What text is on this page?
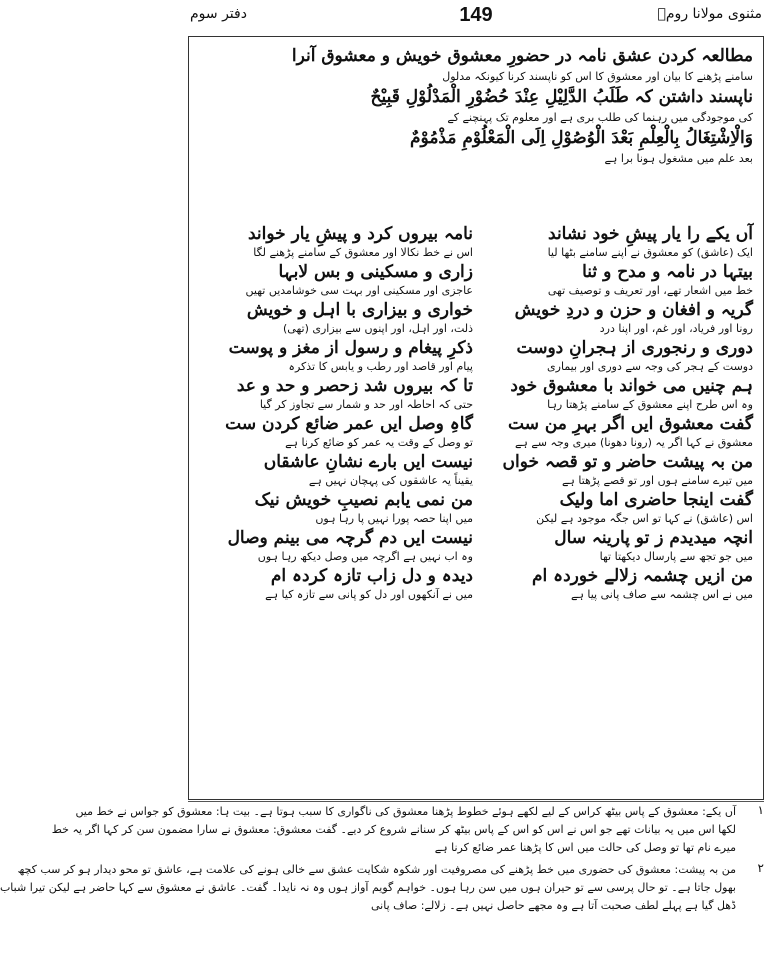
مثنوی مولانا رومؒ
149
دفتر سوم
مطالعہ کردن عشق نامہ در حضورِ معشوق خویش و معشوق آنرا
سامنے پڑھنے کا بیان اور معشوق کا اس کو ناپسند کرنا کیونکہ مدلول
ناپسند داشتن کہ طَلَبُ الدَّلِیْلِ عِنْدَ حُضُوْرِ الْمَدْلُوْلِ قَبِیْحٌ
کی موجودگی میں رہنما کی طلب بری ہے اور معلوم تک پہنچنے کے
وَالْاِشْتِغَالُ بِالْعِلْمِ بَعْدَ الْوُصُوْلِ اِلَی الْمَعْلُوْمِ مَذْمُوْمٌ
بعد علم میں مشغول ہونا برا ہے
آں یکے را یار پیشِ خود نشاند
ایک (عاشق) کو معشوق نے اپنے سامنے بٹھا لیا
بیتہا در نامہ و مدح و ثنا
خط میں اشعار تھے، اور تعریف و توصیف تھی
گریہ و افغان و حزن و دردِ خویش
رونا اور فریاد، اور غم، اور اپنا درد
دوری و رنجوری از ہجرانِ دوست
دوست کے ہجر کی وجہ سے دوری اور بیماری
ہم چنیں می خواند با معشوق خود
وہ اس طرح اپنے معشوق کے سامنے پڑھتا رہا
گفت معشوق ایں اگر بہرِ من ست
معشوق نے کہا اگر یہ (رونا دھونا) میری وجہ سے ہے
من بہ پیشت حاضر و تو قصہ خواں
میں تیرے سامنے ہوں اور تو قصے پڑھتا ہے
گفت اینجا حاضری اما ولیک
اس (عاشق) نے کہا تو اس جگہ موجود ہے لیکن
انچہ میدیدم ز تو پارینہ سال
میں جو تجھ سے پارسال دیکھتا تھا
من ازیں چشمہ زلالے خوردہ ام
میں نے اس چشمہ سے صاف پانی پیا ہے
نامہ بیروں کرد و پیشِ یار خواند
اس نے خط نکالا اور معشوق کے سامنے پڑھنے لگا
زاری و مسکینی و بس لابہا
عاجزی اور مسکینی اور بہت سی خوشامدیں تھیں
خواری و بیزاری با اہل و خویش
ذلت، اور اہل، اور اپنوں سے بیزاری (تھی)
ذکرِ پیغام و رسول از مغز و پوست
پیام اور قاصد اور رطب و یابس کا تذکرہ
تا کہ بیروں شد زحصر و حد و عد
حتی کہ احاطہ اور حد و شمار سے تجاوز کر گیا
گاہِ وصل ایں عمر ضائع کردن ست
تو وصل کے وقت یہ عمر کو ضائع کرنا ہے
نیست ایں بارے نشانِ عاشقاں
یقیناً یہ عاشقوں کی پہچان نہیں ہے
من نمی یابم نصیبِ خویش نیک
میں اپنا حصہ پورا نہیں پا رہا ہوں
نیست ایں دم گرچہ می بینم وصال
وہ اب نہیں ہے اگرچہ میں وصل دیکھ رہا ہوں
دیدہ و دل زاب تازہ کردہ ام
میں نے آنکھوں اور دل کو پانی سے تازہ کیا ہے
۱
آں یکے: معشوق کے پاس بیٹھ کراس کے لیے لکھے ہوئے خطوط پڑھنا معشوق کی ناگواری کا سبب ہوتا ہے۔ بیت ہا: معشوق کو جواس نے خط میں
لکھا اس میں یہ بیانات تھے جو اس نے اس کو اس کے پاس بیٹھ کر سنانے شروع کر دیے۔ گفت معشوق: معشوق نے سارا مضمون سن کر کہا اگر یہ خط
میرے نام تھا تو وصل کی حالت میں اس کا پڑھنا عمر ضائع کرنا ہے
۲
من بہ پیشت: معشوق کی حضوری میں خط پڑھنے کی مصروفیت اور شکوہ شکایت عشق سے خالی ہونے کی علامت ہے، عاشق تو محو دیدار ہو کر سب کچھ
بھول جاتا ہے۔ تو حال پرسی سے تو حیران ہوں میں سن رہا ہوں۔ خواہم گویم آواز ہوں وہ نہ نایدا۔ گفت۔ عاشق نے معشوق سے کہا حاضر ہے لیکن تیرا شباب
ڈھل گیا ہے پہلے لطف صحبت آتا ہے وہ مجھے حاصل نہیں ہے۔ زلالے: صاف پانی
